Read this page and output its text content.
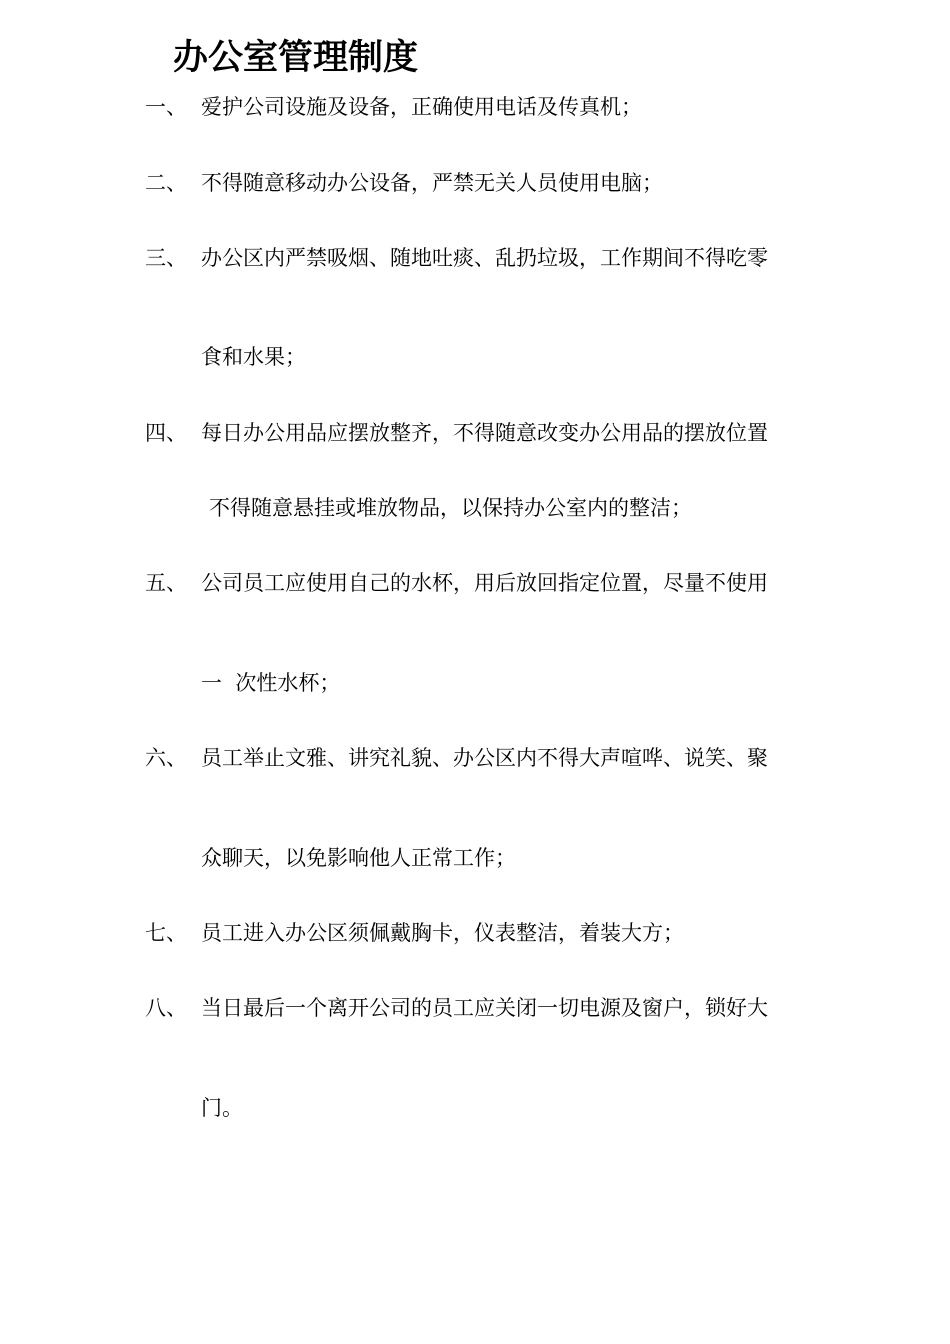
办公室管理制度
一、 爱护公司设施及设备，正确使用电话及传真机；
二、 不得随意移动办公设备，严禁无关人员使用电脑；
三、 办公区内严禁吸烟、随地吐痰、乱扔垃圾，工作期间不得吃零
食和水果；
四、 每日办公用品应摆放整齐，不得随意改变办公用品的摆放位置
不得随意悬挂或堆放物品，以保持办公室内的整洁；
五、 公司员工应使用自己的水杯，用后放回指定位置，尽量不使用
一  次性水杯；
六、 员工举止文雅、讲究礼貌、办公区内不得大声喧哗、说笑、聚
众聊天，以免影响他人正常工作；
七、 员工进入办公区须佩戴胸卡，仪表整洁，着装大方；
八、 当日最后一个离开公司的员工应关闭一切电源及窗户，锁好大
门。
